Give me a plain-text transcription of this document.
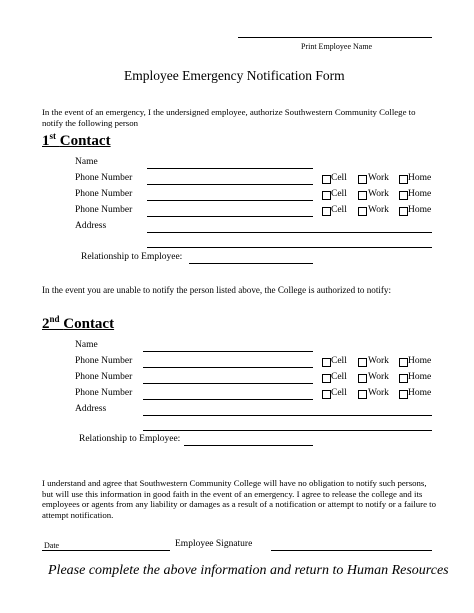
Print Employee Name
Employee Emergency Notification Form
In the event of an emergency, I the undersigned employee, authorize Southwestern Community College to notify the following person
1st Contact
Name
Phone Number	Cell Work Home
Phone Number	Cell Work Home
Phone Number	Cell Work Home
Address
Relationship to Employee:
In the event you are unable to notify the person listed above, the College is authorized to notify:
2nd Contact
Name
Phone Number	Cell Work Home
Phone Number	Cell Work Home
Phone Number	Cell Work Home
Address
Relationship to Employee:
I understand and agree that Southwestern Community College will have no obligation to notify such persons, but will use this information in good faith in the event of an emergency. I agree to release the college and its employees or agents from any liability or damages as a result of a notification or attempt to notify or a failure to attempt notification.
Date	Employee Signature
Please complete the above information and return to Human Resources
